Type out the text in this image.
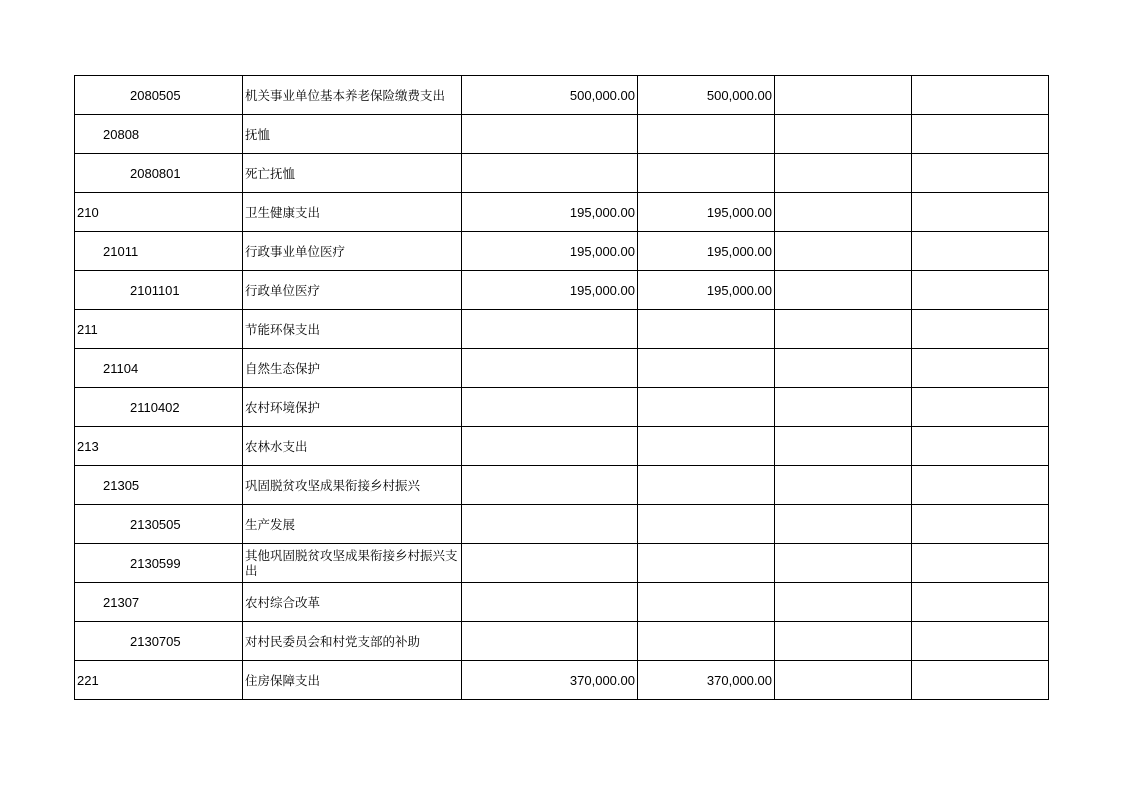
2080505	机关事业单位基本养老保险缴费支出	500,000.00	500,000.00		
20808	抚恤				
2080801	死亡抚恤				
210	卫生健康支出	195,000.00	195,000.00		
21011	行政事业单位医疗	195,000.00	195,000.00		
2101101	行政单位医疗	195,000.00	195,000.00		
211	节能环保支出				
21104	自然生态保护				
2110402	农村环境保护				
213	农林水支出				
21305	巩固脱贫攻坚成果衔接乡村振兴				
2130505	生产发展				
2130599	其他巩固脱贫攻坚成果衔接乡村振兴支出				
21307	农村综合改革				
2130705	对村民委员会和村党支部的补助				
221	住房保障支出	370,000.00	370,000.00		
